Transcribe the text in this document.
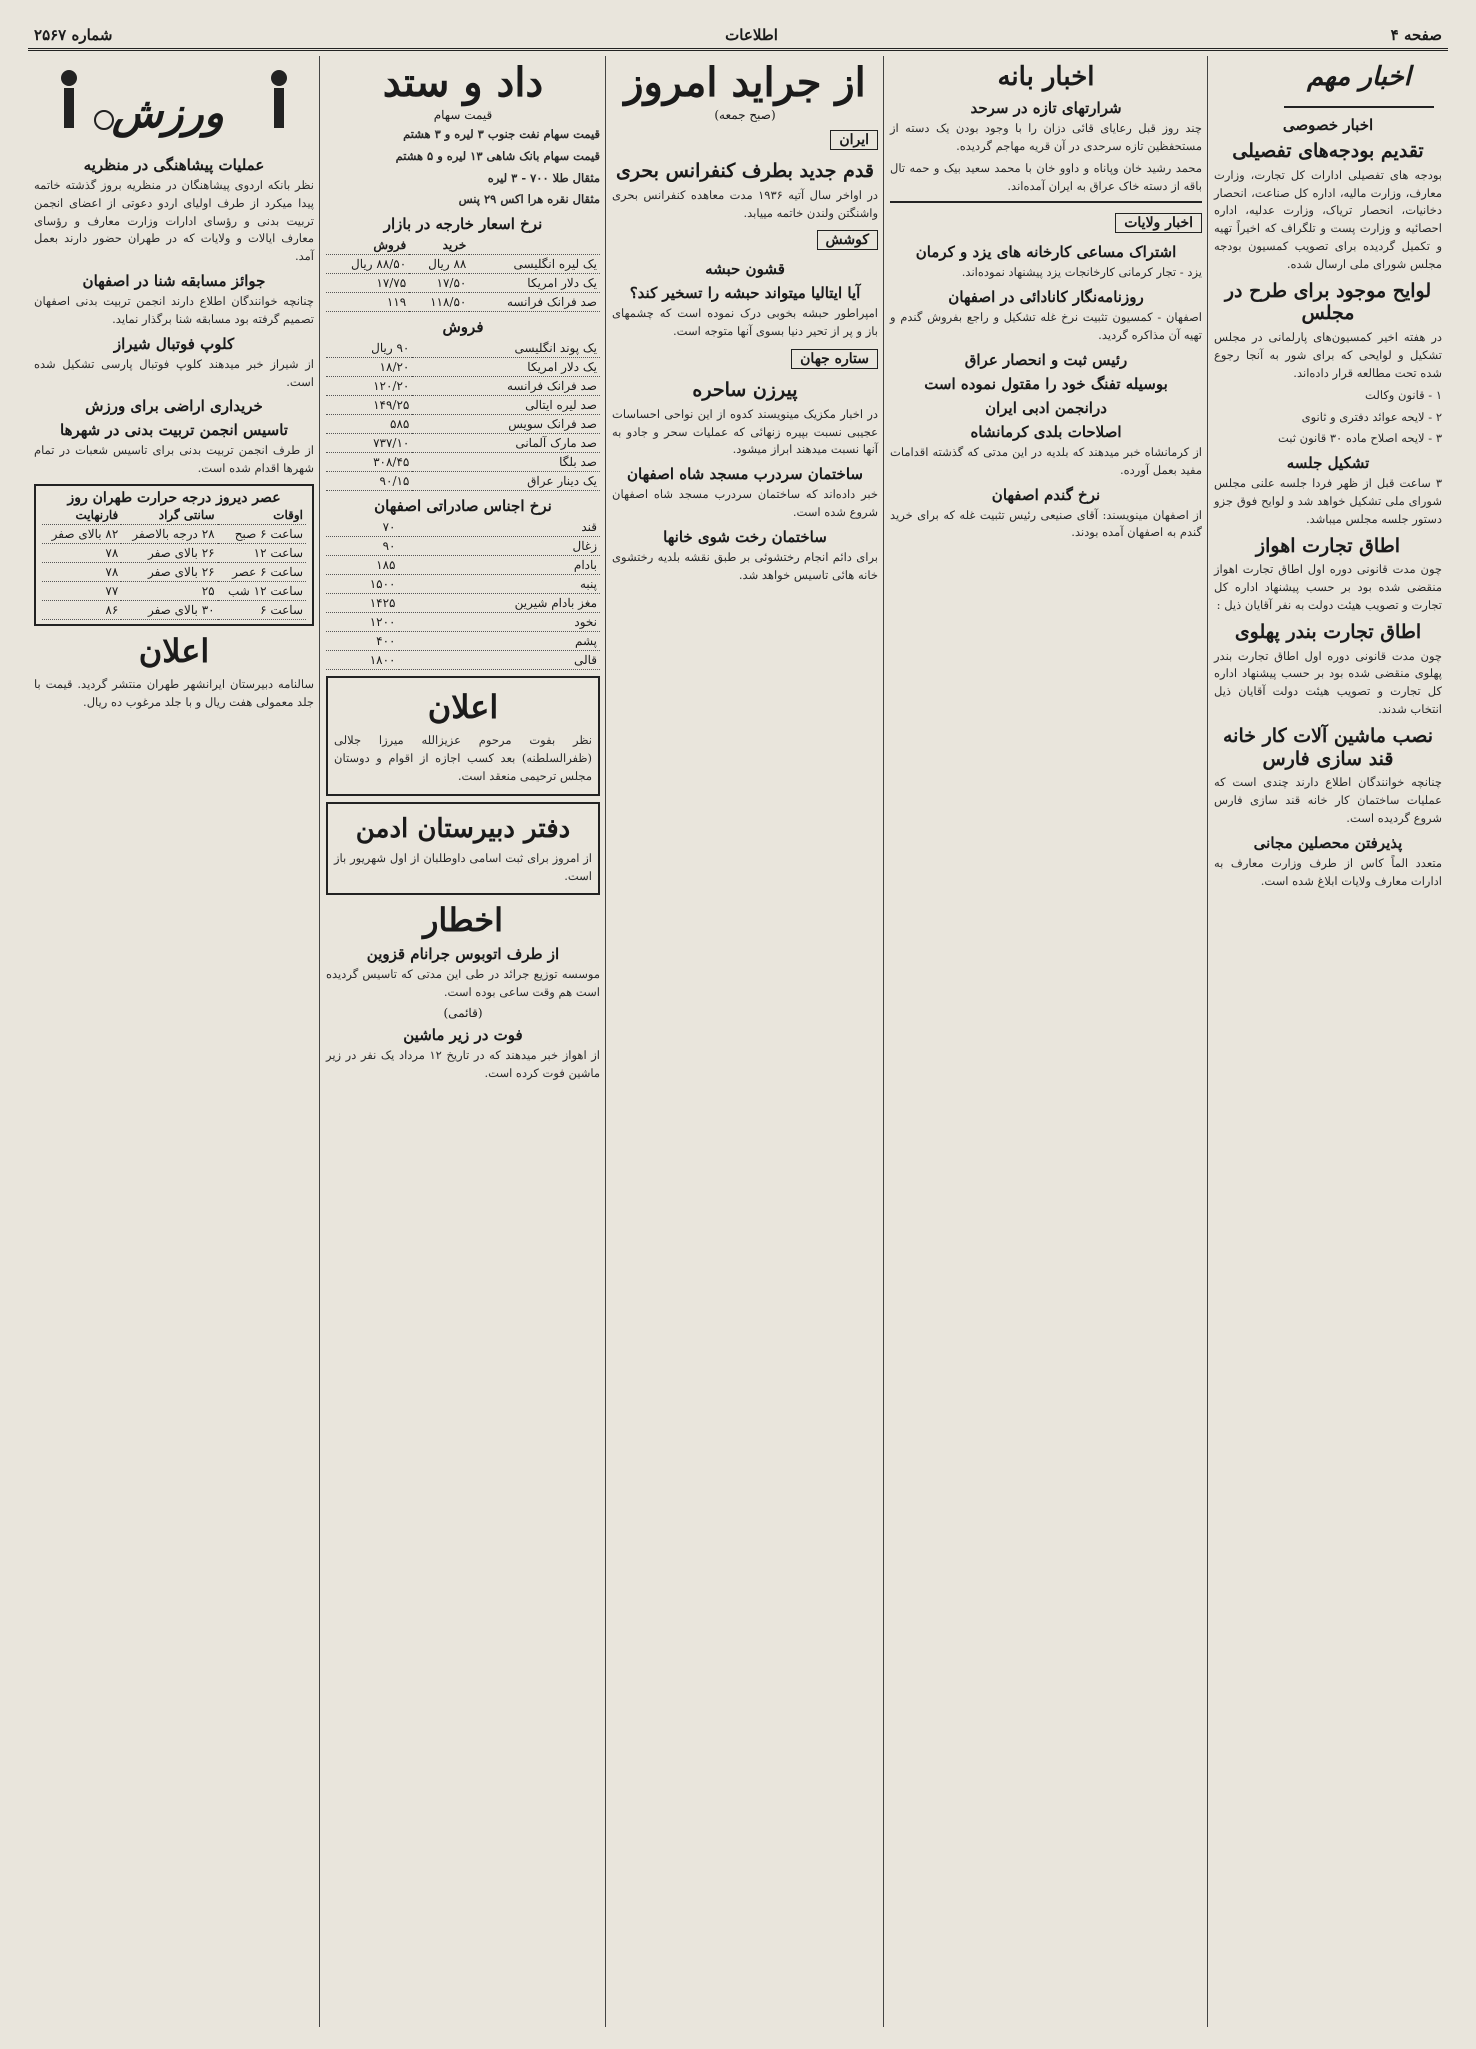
صفحه ۴
اطلاعات
شماره ۲۵۶۷
اخبار مهم
اخبار خصوصی
تقدیم بودجه‌های تفصیلی

بودجه های تفصیلی ادارات کل تجارت، وزارت معارف، وزارت مالیه، اداره کل صناعت، انحصار دخانیات، انحصار تریاک، وزارت عدلیه، اداره احصائیه و وزارت پست و تلگراف که اخیراً تهیه و تکمیل گردیده برای تصویب کمسیون بودجه مجلس شورای ملی ارسال شده.

لوایح موجود برای طرح در مجلس

در هفته اخیر کمسیون‌های پارلمانی در مجلس تشکیل و لوایحی که برای شور به آنجا رجوع شده تحت مطالعه قرار داده‌اند.

۱ - قانون وکالت

۲ - لایحه عوائد دفتری و ثانوی

۳ - لایحه اصلاح ماده ۳۰ قانون ثبت

تشکیل جلسه

۳ ساعت قبل از ظهر فردا جلسه علنی مجلس شورای ملی تشکیل خواهد شد و لوایح فوق جزو دستور جلسه مجلس میباشد.

اطاق تجارت اهواز

چون مدت قانونی دوره اول اطاق تجارت اهواز منقضی شده بود بر حسب پیشنهاد اداره کل تجارت و تصویب هیئت دولت به نفر آقایان ذیل :

اطاق تجارت بندر پهلوی

چون مدت قانونی دوره اول اطاق تجارت بندر پهلوی منقضی شده بود بر حسب پیشنهاد اداره کل تجارت و تصویب هیئت دولت آقایان ذیل انتخاب شدند.

نصب ماشین آلات کار خانه قند سازی فارس

چنانچه خوانندگان اطلاع دارند چندی است که عملیات ساختمان کار خانه قند سازی فارس شروع گردیده است.

پذیرفتن محصلین مجانی

متعدد الماً کاس از طرف وزارت معارف به ادارات معارف ولایات ابلاغ شده است.

اخبار بانه
شرارتهای تازه در سرحد

چند روز قبل رعایای قائی دزان را با وجود بودن یک دسته از مستحفظین تازه سرحدی در آن قریه مهاجم گردیده.

محمد رشید خان وپاناه و داوو خان با محمد سعید بیک و حمه تال باقه از دسته خاک عراق به ایران آمده‌اند.

اخبار ولایات
اشتراک مساعی کارخانه های یزد و کرمان

یزد - تجار کرمانی کارخانجات یزد پیشنهاد نموده‌اند.

روزنامه‌نگار کانادائی در اصفهان

اصفهان - کمسیون تثبیت نرخ غله تشکیل و راجع بفروش گندم و تهیه آن مذاکره گردید.

رئیس ثبت و انحصار عراق
بوسیله تفنگ خود را مقتول نموده است
درانجمن ادبی ایران
اصلاحات بلدی کرمانشاه

از کرمانشاه خبر میدهند که بلدیه در این مدتی که گذشته اقدامات مفید بعمل آورده.

نرخ گندم اصفهان

از اصفهان مینویسند: آقای صنیعی رئیس تثبیت غله که برای خرید گندم به اصفهان آمده بودند.

از جراید امروز

(صبح جمعه)

ایران
قدم جدید بطرف کنفرانس بحری

در اواخر سال آتیه ۱۹۳۶ مدت معاهده کنفرانس بحری واشنگتن ولندن خاتمه مییابد.

کوشش
قشون حبشه
آیا ایتالیا میتواند حبشه را تسخیر کند؟

امپراطور حبشه بخوبی درک نموده است که چشمهای باز و پر از تحیر دنیا بسوی آنها متوجه است.

ستاره جهان
پیرزن ساحره

در اخبار مکزیک مینویسند کدوه از این نواحی احساسات عجیبی نسبت بپیره زنهائی که عملیات سحر و جادو به آنها نسبت میدهند ابراز میشود.

ساختمان سردرب مسجد شاه اصفهان

خبر داده‌اند که ساختمان سردرب مسجد شاه اصفهان شروع شده است.

ساختمان رخت شوی خانها

برای دائم انجام رختشوئی بر طبق نقشه بلدیه رختشوی خانه هائی تاسیس خواهد شد.

داد و ستد

قیمت سهام

قیمت سهام نفت جنوب ۳ لیره و ۳ هشتم

قیمت سهام بانک شاهی ۱۳ لیره و ۵ هشتم

مثقال طلا ۷۰۰ - ۳ لیره

مثقال نقره هرا اکس ۲۹ پنس

نرخ اسعار خارجه در بازار
	خرید	فروش
یک لیره انگلیسی	۸۸ ریال	۸۸/۵۰ ریال
یک دلار امریکا	۱۷/۵۰	۱۷/۷۵
صد فرانک فرانسه	۱۱۸/۵۰	۱۱۹
فروش
یک پوند انگلیسی	۹۰ ریال
یک دلار امریکا	۱۸/۲۰
صد فرانک فرانسه	۱۲۰/۲۰
صد لیره ایتالی	۱۴۹/۲۵
صد فرانک سویس	۵۸۵
صد مارک آلمانی	۷۳۷/۱۰
صد بلگا	۳۰۸/۴۵
یک دینار عراق	۹۰/۱۵
نرخ اجناس صادراتی اصفهان
قند	۷۰
زغال	۹۰
بادام	۱۸۵
پنبه	۱۵۰۰
مغز بادام شیرین	۱۴۲۵
نخود	۱۲۰۰
پشم	۴۰۰
قالی	۱۸۰۰
اعلان

نظر بفوت مرحوم عزیزالله میرزا جلالی (ظفرالسلطنه) بعد کسب اجازه از اقوام و دوستان مجلس ترحیمی منعقد است.

دفتر دبیرستان ادمن

از امروز برای ثبت اسامی داوطلبان از اول شهریور باز است.

اخطار
از طرف اتوبوس جرانام قزوین

موسسه توزیع جرائد در طی این مدتی که تاسیس گردیده است هم وقت ساعی بوده است.

(قائمی)

فوت در زیر ماشین

از اهواز خبر میدهند که در تاریخ ۱۲ مرداد یک نفر در زیر ماشین فوت کرده است.

ورزش
عملیات پیشاهنگی در منظریه

نظر بانکه اردوی پیشاهنگان در منظریه بروز گذشته خاتمه پیدا میکرد از طرف اولیای اردو دعوتی از اعضای انجمن تربیت بدنی و رؤسای ادارات وزارت معارف و رؤسای معارف ایالات و ولایات که در طهران حضور دارند بعمل آمد.

جوائز مسابقه شنا در اصفهان

چنانچه خوانندگان اطلاع دارند انجمن تربیت بدنی اصفهان تصمیم گرفته بود مسابقه شنا برگذار نماید.

کلوپ فوتبال شیراز

از شیراز خبر میدهند کلوپ فوتبال پارسی تشکیل شده است.

خریداری اراضی برای ورزش
تاسیس انجمن تربیت بدنی در شهرها

از طرف انجمن تربیت بدنی برای تاسیس شعبات در تمام شهرها اقدام شده است.

عصر دیروز درجه حرارت طهران روز
اوقات	سانتی گراد	فارنهایت
ساعت ۶ صبح	۲۸ درجه بالاصفر	۸۲ بالای صفر
ساعت ۱۲	۲۶ بالای صفر	۷۸
ساعت ۶ عصر	۲۶ بالای صفر	۷۸
ساعت ۱۲ شب	۲۵	۷۷
ساعت ۶	۳۰ بالای صفر	۸۶
اعلان

سالنامه دبیرستان ایرانشهر طهران منتشر گردید. قیمت با جلد معمولی هفت ریال و با جلد مرغوب ده ریال.
